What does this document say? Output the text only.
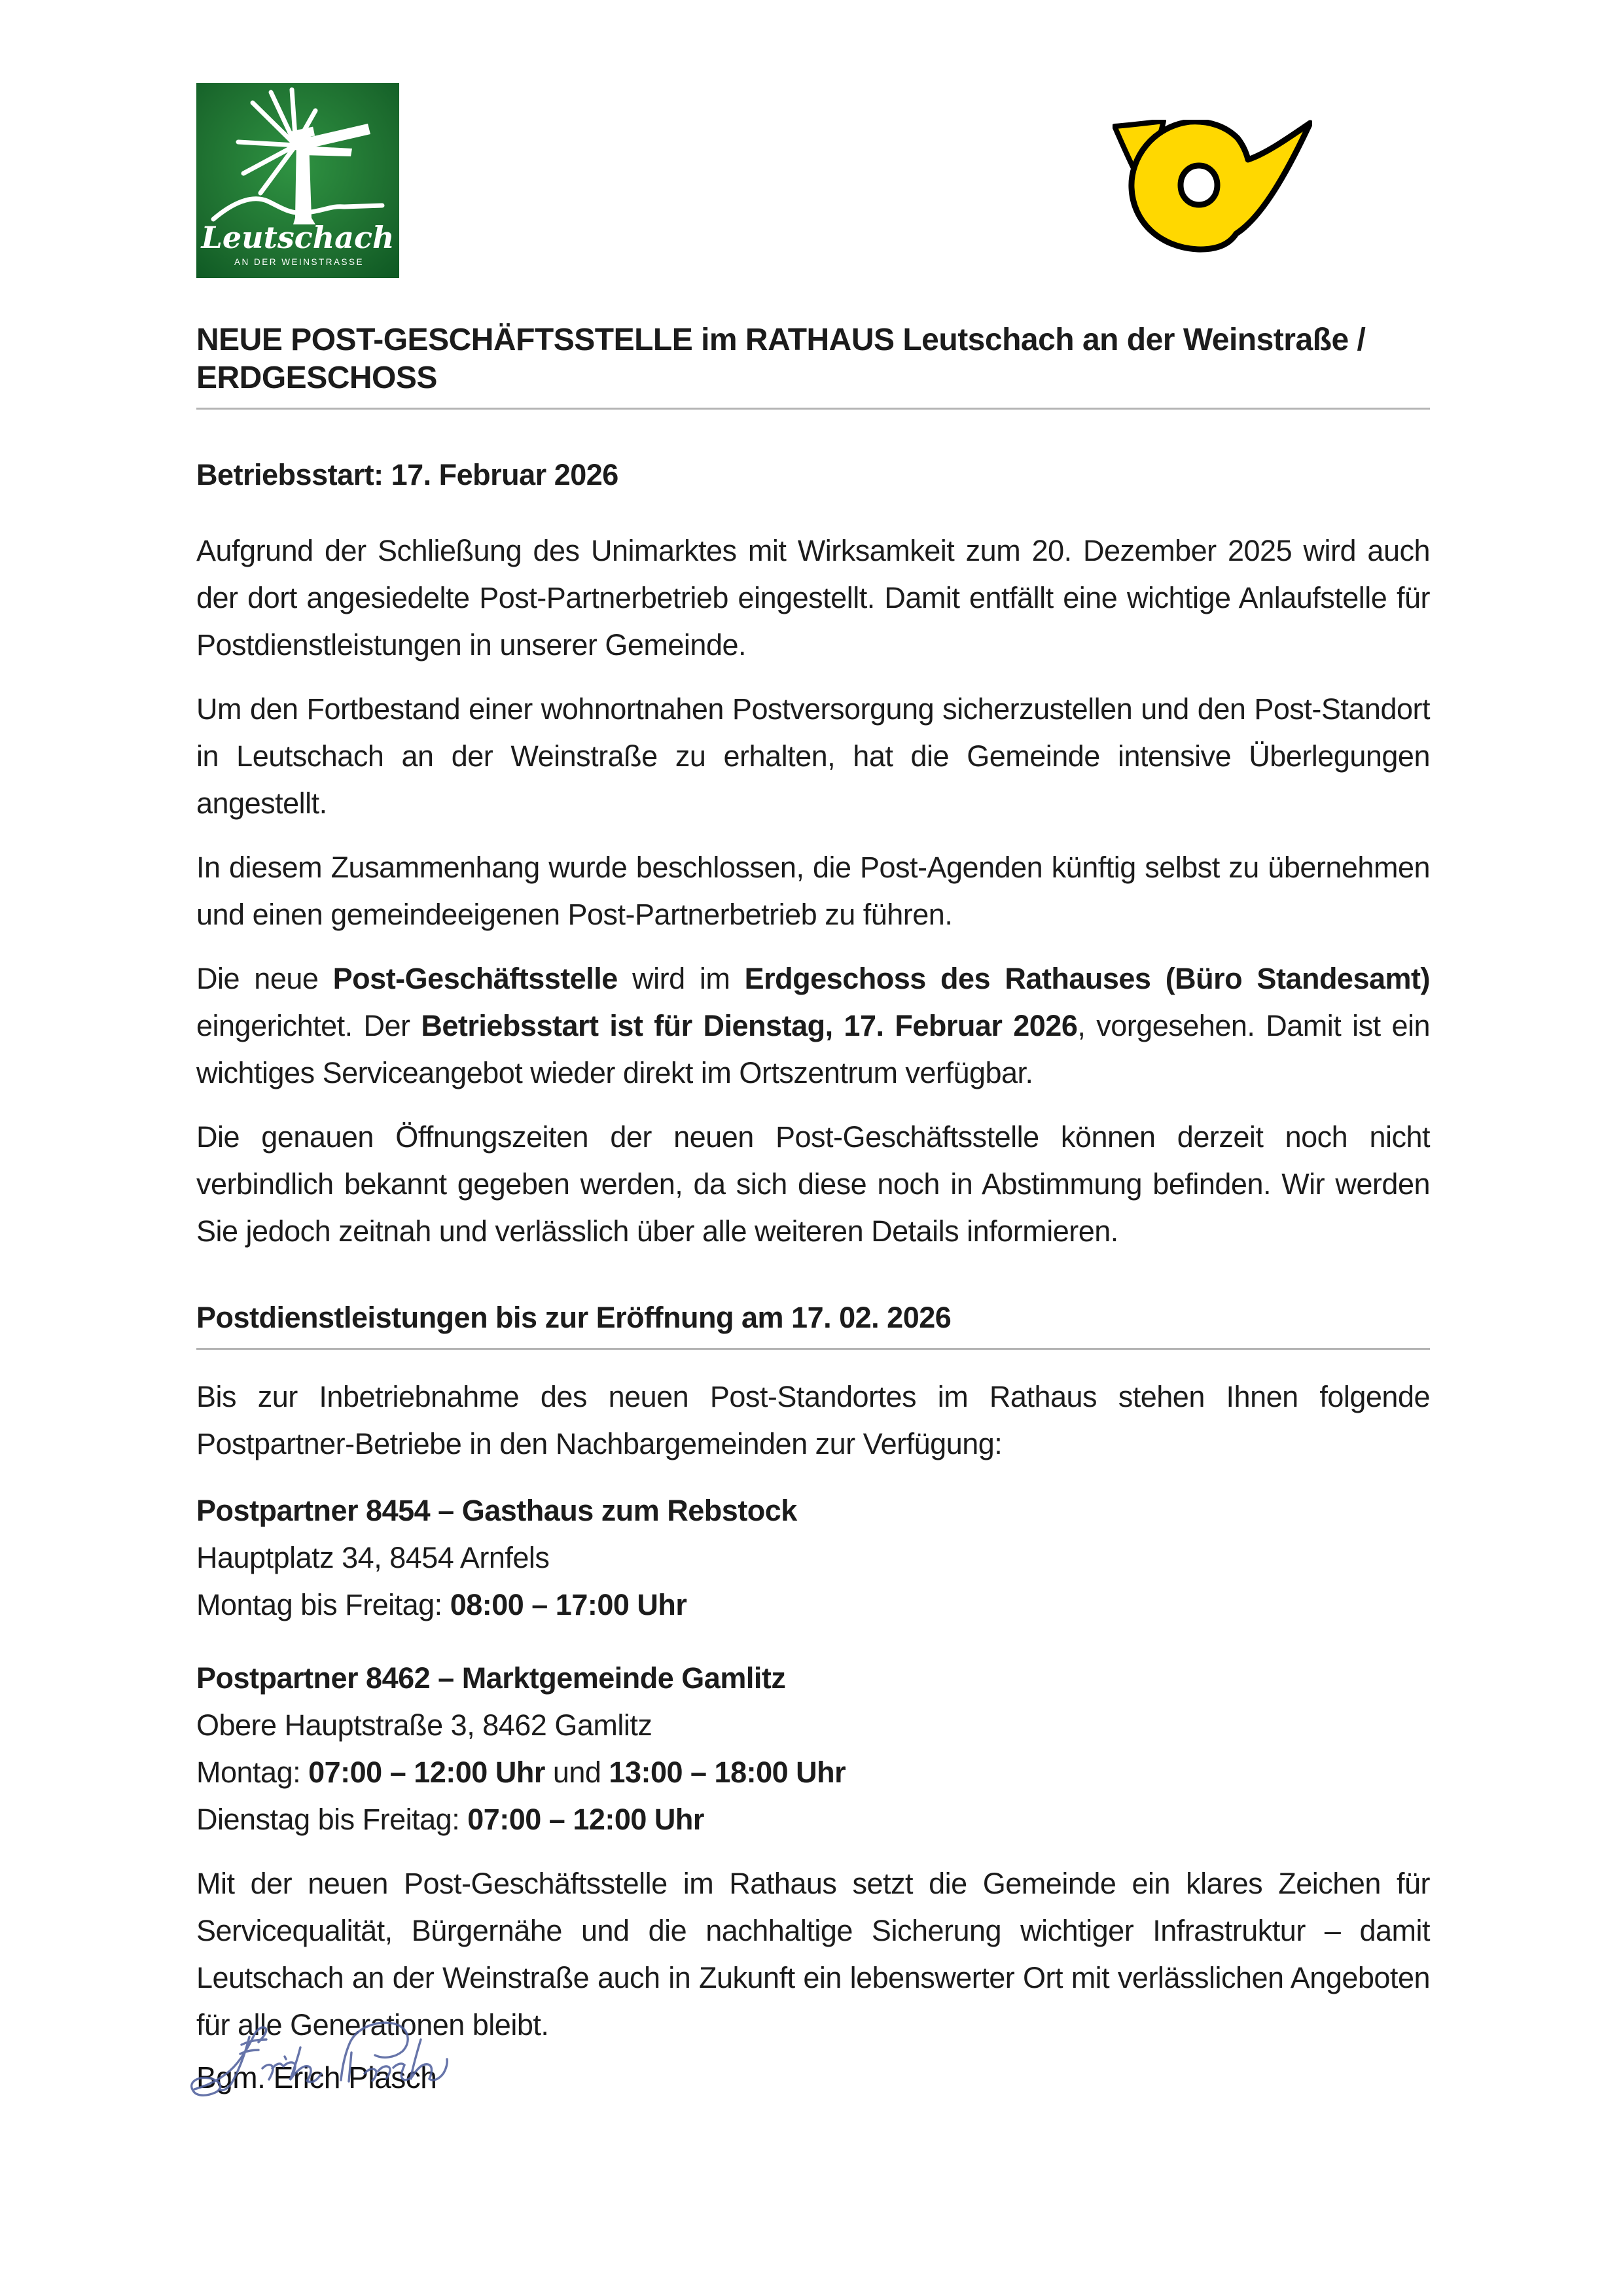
Leutschach
AN DER WEINSTRASSE
NEUE POST-GESCHÄFTSSTELLE im RATHAUS Leutschach an der Weinstraße /
ERDGESCHOSS
Betriebsstart: 17. Februar 2026

Aufgrund der Schließung des Unimarktes mit Wirksamkeit zum 20. Dezember 2025 wird auch der dort angesiedelte Post-Partnerbetrieb eingestellt. Damit entfällt eine wichtige Anlaufstelle für Postdienstleistungen in unserer Gemeinde.

Um den Fortbestand einer wohnortnahen Postversorgung sicherzustellen und den Post-Standort in Leutschach an der Weinstraße zu erhalten, hat die Gemeinde intensive Überlegungen angestellt.

In diesem Zusammenhang wurde beschlossen, die Post-Agenden künftig selbst zu übernehmen und einen gemeindeeigenen Post-Partnerbetrieb zu führen.

Die neue Post-Geschäftsstelle wird im Erdgeschoss des Rathauses (Büro Standesamt) eingerichtet. Der Betriebsstart ist für Dienstag, 17. Februar 2026, vorgesehen. Damit ist ein wichtiges Serviceangebot wieder direkt im Ortszentrum verfügbar.

Die genauen Öffnungszeiten der neuen Post-Geschäftsstelle können derzeit noch nicht verbindlich bekannt gegeben werden, da sich diese noch in Abstimmung befinden. Wir werden Sie jedoch zeitnah und verlässlich über alle weiteren Details informieren.

Postdienstleistungen bis zur Eröffnung am 17. 02. 2026

Bis zur Inbetriebnahme des neuen Post-Standortes im Rathaus stehen Ihnen folgende Postpartner-Betriebe in den Nachbargemeinden zur Verfügung:

Postpartner 8454 – Gasthaus zum Rebstock
Hauptplatz 34, 8454 Arnfels
Montag bis Freitag: 08:00 – 17:00 Uhr
Postpartner 8462 – Marktgemeinde Gamlitz
Obere Hauptstraße 3, 8462 Gamlitz
Montag: 07:00 – 12:00 Uhr und 13:00 – 18:00 Uhr
Dienstag bis Freitag: 07:00 – 12:00 Uhr

Mit der neuen Post-Geschäftsstelle im Rathaus setzt die Gemeinde ein klares Zeichen für Servicequalität, Bürgernähe und die nachhaltige Sicherung wichtiger Infrastruktur – damit Leutschach an der Weinstraße auch in Zukunft ein lebenswerter Ort mit verlässlichen Angeboten für alle Generationen bleibt.

Bgm. Erich Plasch
